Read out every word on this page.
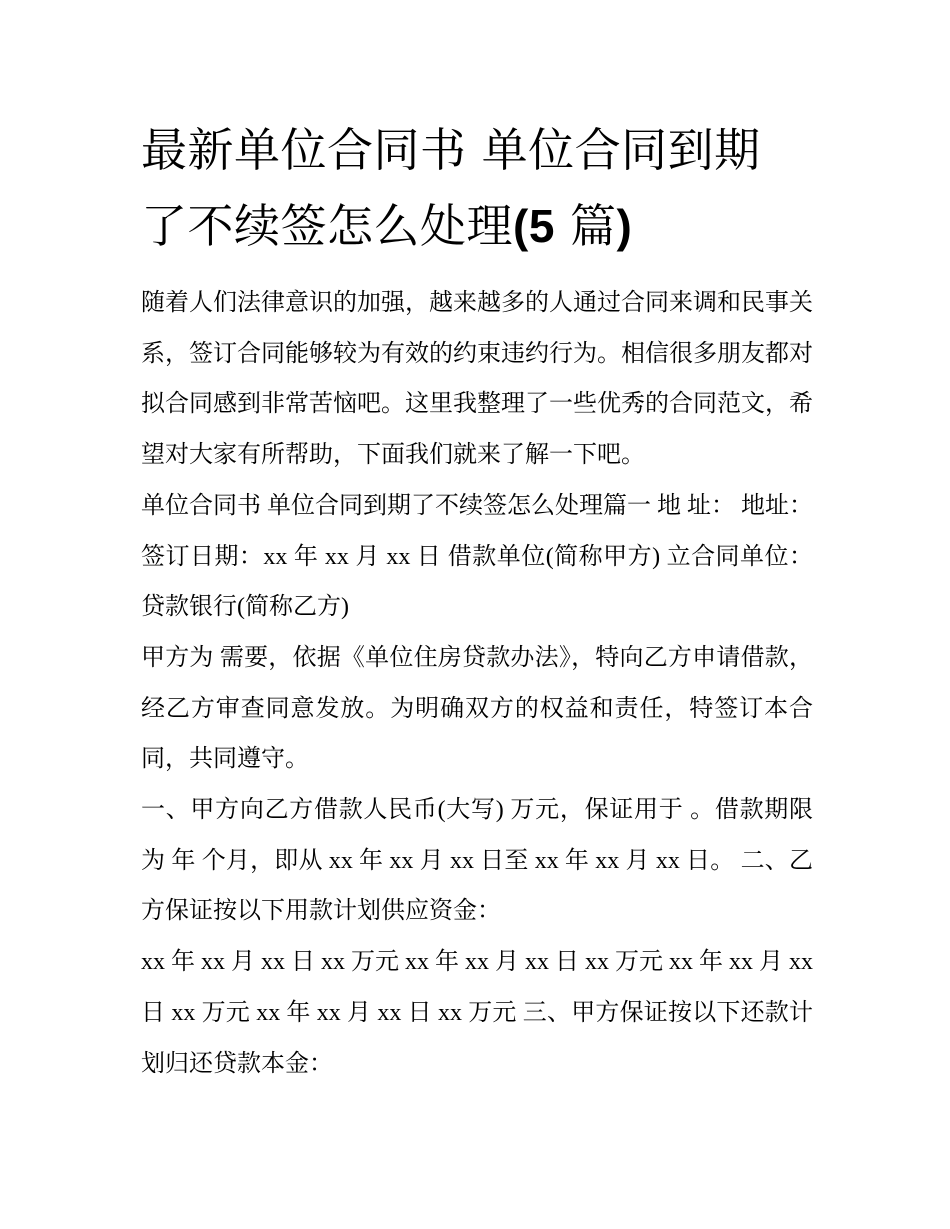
最新单位合同书 单位合同到期
了不续签怎么处理(5 篇)

随着人们法律意识的加强，越来越多的人通过合同来调和民事关系，签订合同能够较为有效的约束违约行为。相信很多朋友都对拟合同感到非常苦恼吧。这里我整理了一些优秀的合同范文，希望对大家有所帮助，下面我们就来了解一下吧。

单位合同书 单位合同到期了不续签怎么处理篇一 地 址： 地址： 签订日期：xx 年 xx 月 xx 日 借款单位(简称甲方) 立合同单位： 贷款银行(简称乙方)

甲方为 需要，依据《单位住房贷款办法》，特向乙方申请借款，经乙方审查同意发放。为明确双方的权益和责任，特签订本合同，共同遵守。

一、甲方向乙方借款人民币(大写) 万元，保证用于 。借款期限为 年 个月，即从 xx 年 xx 月 xx 日至 xx 年 xx 月 xx 日。 二、乙方保证按以下用款计划供应资金：

xx 年 xx 月 xx 日 xx 万元 xx 年 xx 月 xx 日 xx 万元 xx 年 xx 月 xx 日 xx 万元 xx 年 xx 月 xx 日 xx 万元 三、甲方保证按以下还款计划归还贷款本金：
